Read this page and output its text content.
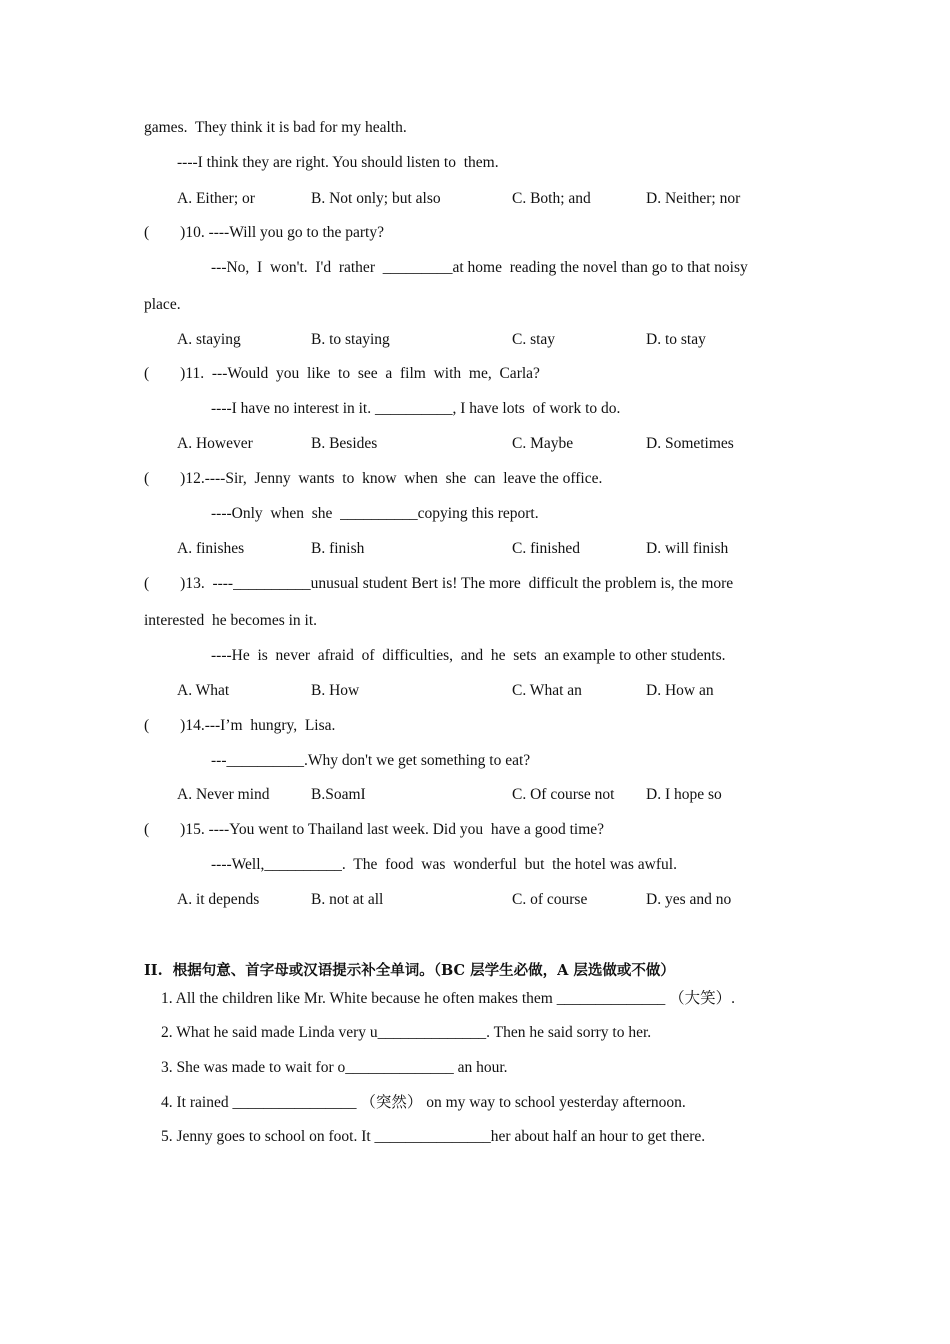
games.  They think it is bad for my health.
----I think they are right. You should listen to  them.
A. Either; or	B. Not only; but also	C. Both; and	D. Neither; nor
(        )10. ----Will you go to the party?
---No,  I  won't.  I'd  rather  _________at home  reading the novel than go to that noisy
place.
A. staying	B. to staying	C. stay	D. to stay
(        )11.  ---Would  you  like  to  see  a  film  with  me,  Carla?
----I have no interest in it. __________, I have lots  of work to do.
A. However	B. Besides	C. Maybe	D. Sometimes
(        )12.----Sir,  Jenny  wants  to  know  when  she  can  leave the office.
----Only  when  she  __________copying this report.
A. finishes	B. finish	C. finished	D. will finish
(        )13.  ----__________unusual student Bert is! The more  difficult the problem is, the more
interested  he becomes in it.
----He  is  never  afraid  of  difficulties,  and  he  sets  an example to other students.
A. What	B. How	C. What an	D. How an
(        )14.---I’m  hungry,  Lisa.
---__________.Why don't we get something to eat?
A. Never mind	B.SoamI	C. Of course not D. I hope so
(        )15. ----You went to Thailand last week. Did you  have a good time?
----Well,__________.  The  food  was  wonderful  but  the hotel was awful.
A. it depends	B. not at all	C. of course	D. yes and no
II.  根据句意、首字母或汉语提示补全单词。（BC 层学生必做，A 层选做或不做）
1. All the children like Mr. White because he often makes them ______________ （大笑）.
2. What he said made Linda very u______________. Then he said sorry to her.
3. She was made to wait for o______________ an hour.
4. It rained ________________ （突然） on my way to school yesterday afternoon.
5. Jenny goes to school on foot. It _______________her about half an hour to get there.
